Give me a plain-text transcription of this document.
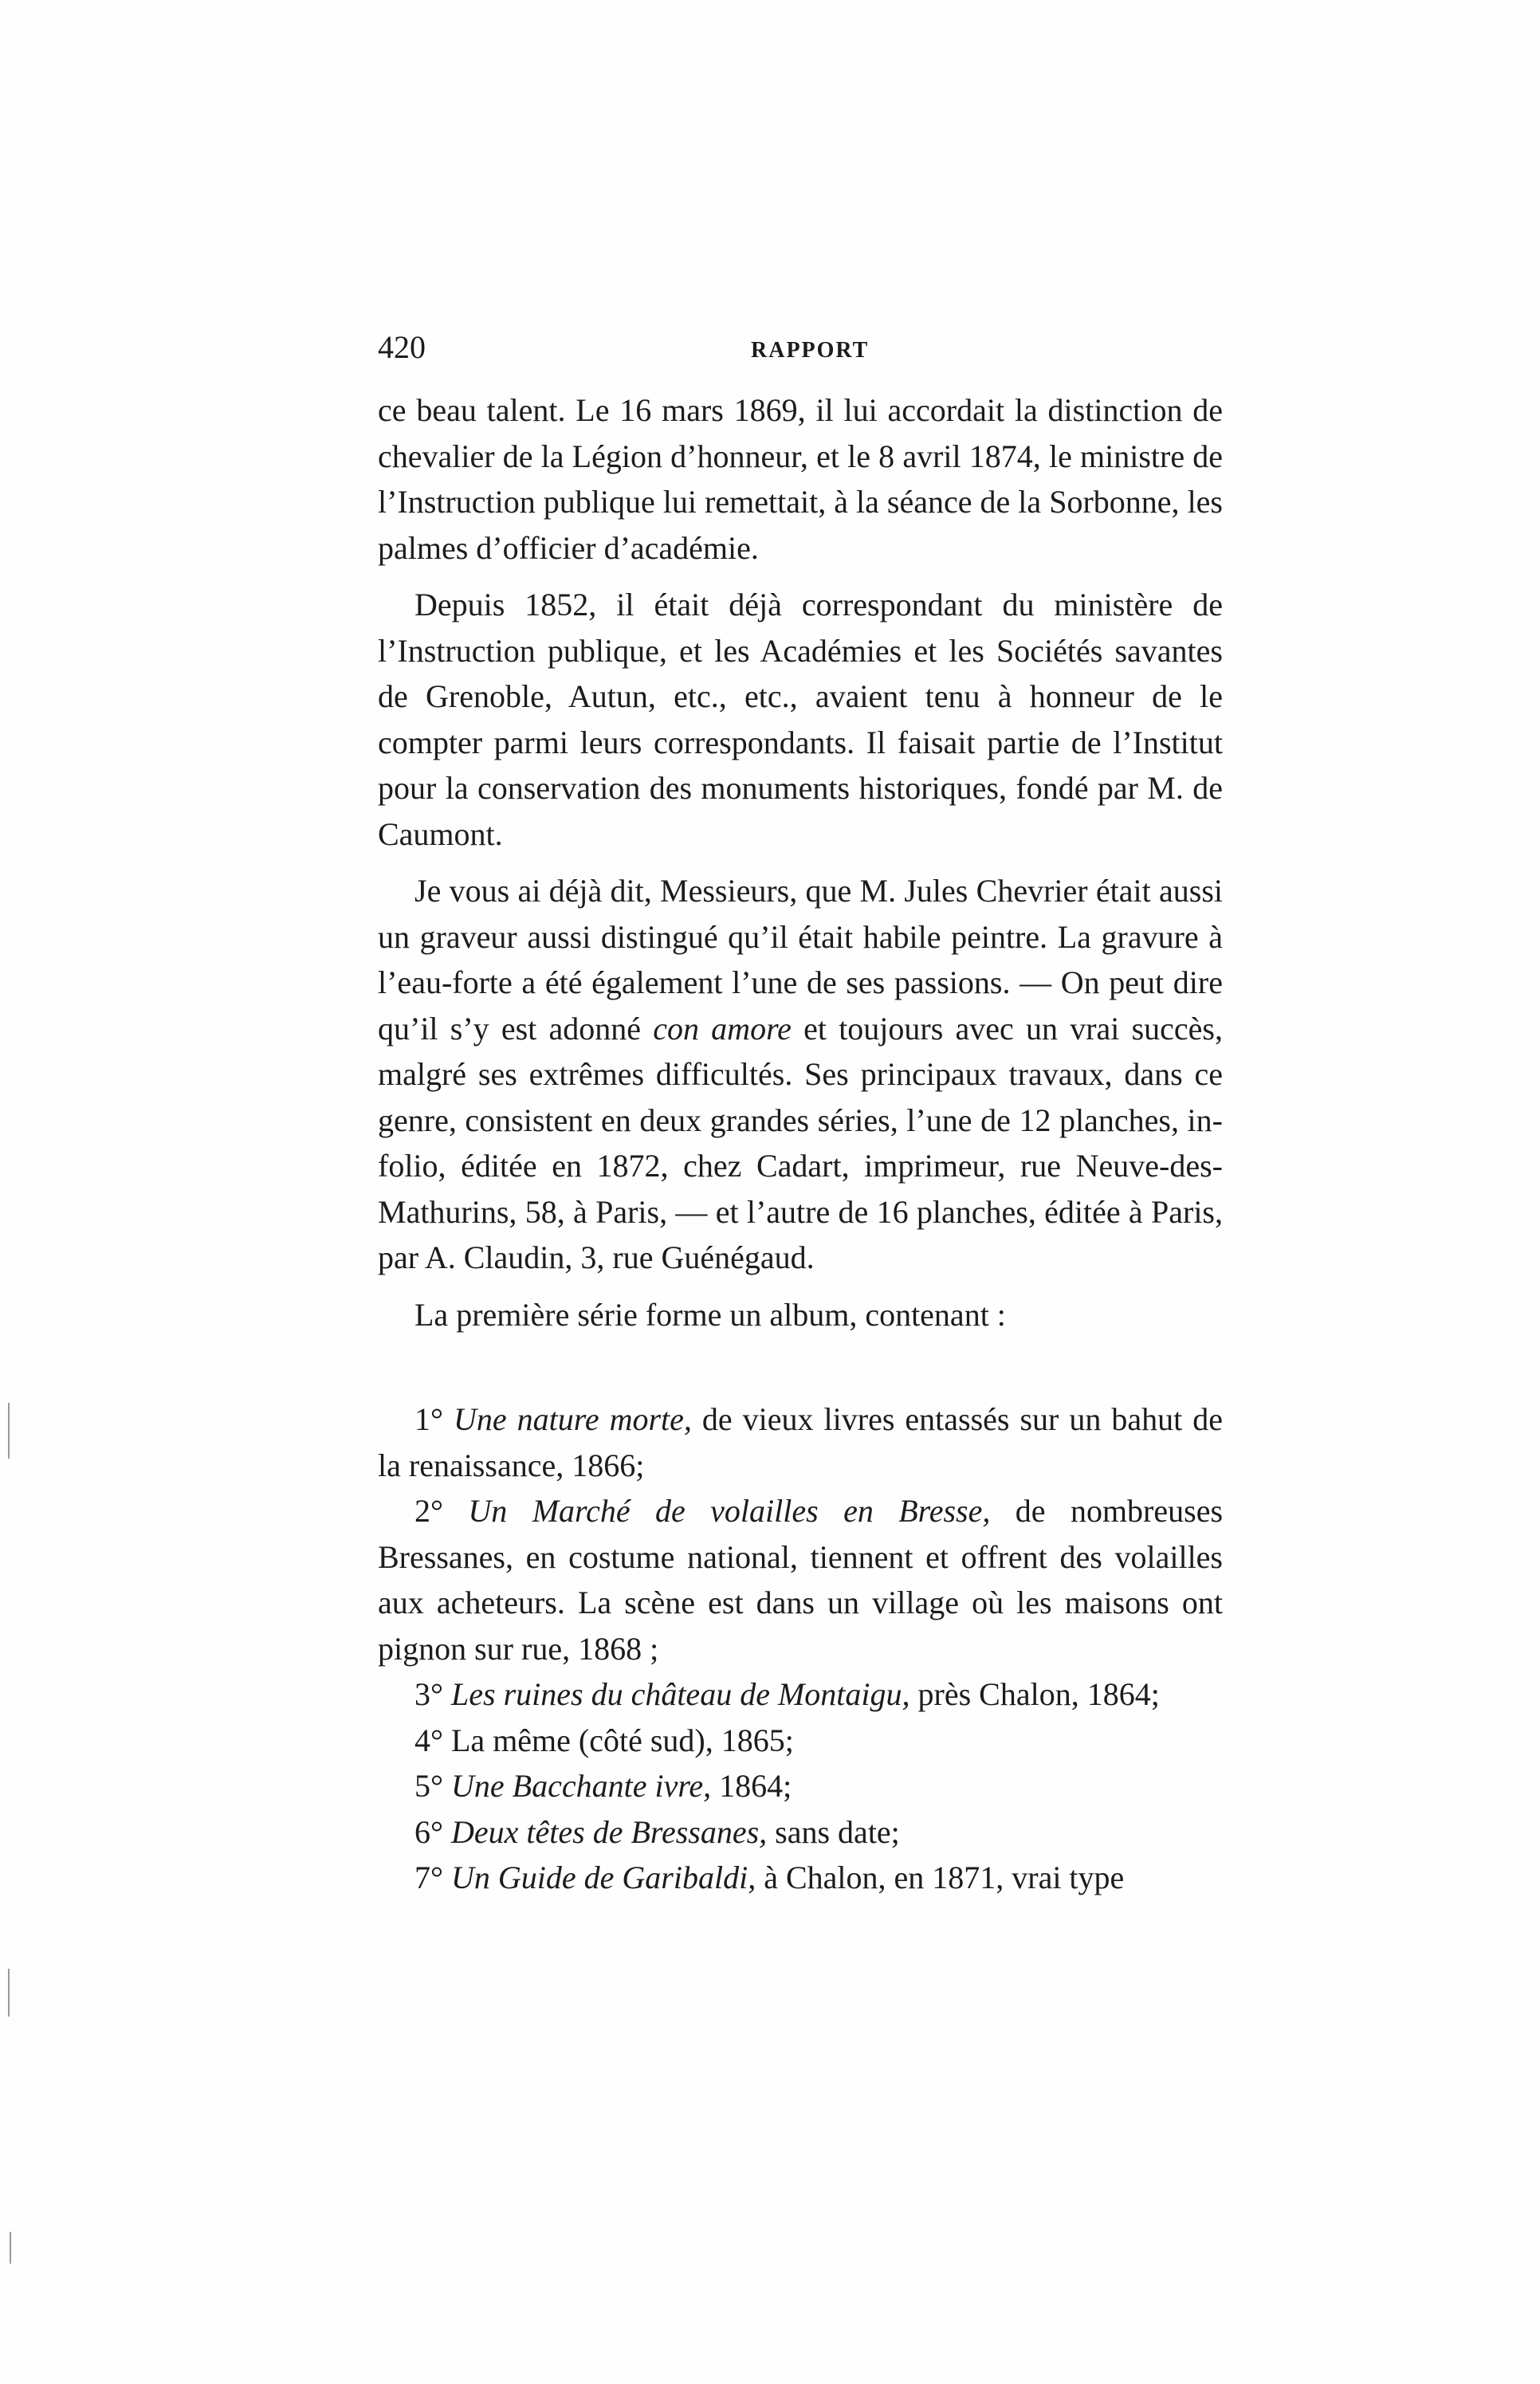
420	RAPPORT

ce beau talent. Le 16 mars 1869, il lui accordait la distinction de chevalier de la Légion d’honneur, et le 8 avril 1874, le ministre de l’Instruction publique lui remettait, à la séance de la Sorbonne, les palmes d’officier d’académie.

Depuis 1852, il était déjà correspondant du ministère de l’Instruction publique, et les Académies et les Sociétés savantes de Grenoble, Autun, etc., etc., avaient tenu à honneur de le compter parmi leurs correspondants. Il faisait partie de l’Institut pour la conservation des monuments historiques, fondé par M. de Caumont.

Je vous ai déjà dit, Messieurs, que M. Jules Chevrier était aussi un graveur aussi distingué qu’il était habile peintre. La gravure à l’eau-forte a été également l’une de ses passions. — On peut dire qu’il s’y est adonné con amore et toujours avec un vrai succès, malgré ses extrêmes difficultés. Ses principaux travaux, dans ce genre, consistent en deux grandes séries, l’une de 12 planches, in-folio, éditée en 1872, chez Cadart, imprimeur, rue Neuve-des-Mathurins, 58, à Paris, — et l’autre de 16 planches, éditée à Paris, par A. Claudin, 3, rue Guénégaud.

La première série forme un album, contenant :

1° Une nature morte, de vieux livres entassés sur un bahut de la renaissance, 1866;

2° Un Marché de volailles en Bresse, de nombreuses Bressanes, en costume national, tiennent et offrent des volailles aux acheteurs. La scène est dans un village où les maisons ont pignon sur rue, 1868 ;

3° Les ruines du château de Montaigu, près Chalon, 1864;

4° La même (côté sud), 1865;

5° Une Bacchante ivre, 1864;

6° Deux têtes de Bressanes, sans date;

7° Un Guide de Garibaldi, à Chalon, en 1871, vrai type
